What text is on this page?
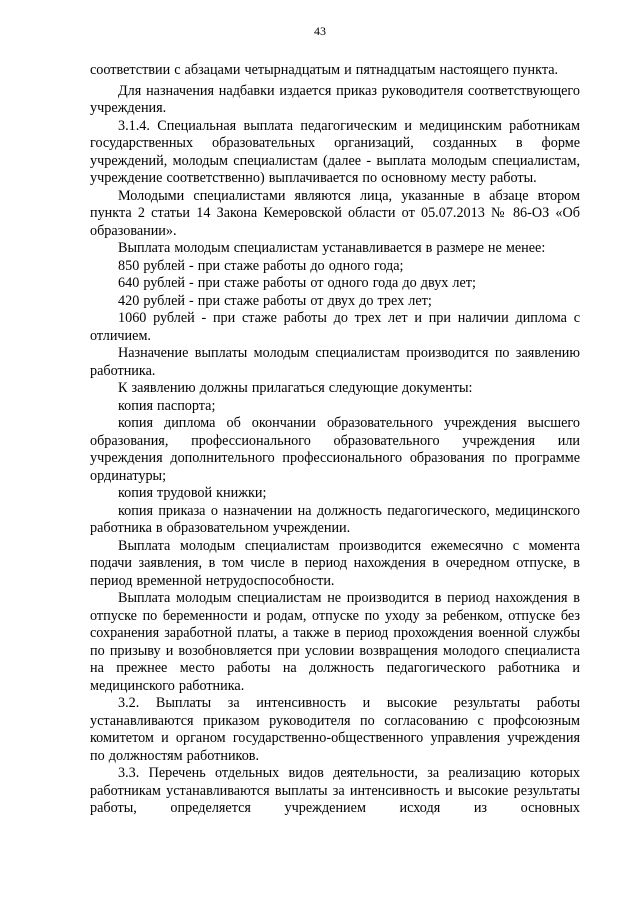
43

соответствии с абзацами четырнадцатым и пятнадцатым настоящего пункта.

Для назначения надбавки издается приказ руководителя соответствующего учреждения.

3.1.4. Специальная выплата педагогическим и медицинским работникам государственных образовательных организаций, созданных в форме учреждений, молодым специалистам (далее - выплата молодым специалистам, учреждение соответственно) выплачивается по основному месту работы.

Молодыми специалистами являются лица, указанные в абзаце втором пункта 2 статьи 14 Закона Кемеровской области от 05.07.2013 № 86-ОЗ «Об образовании».

Выплата молодым специалистам устанавливается в размере не менее:

850 рублей - при стаже работы до одного года;

640 рублей - при стаже работы от одного года до двух лет;

420 рублей - при стаже работы от двух до трех лет;

1060 рублей - при стаже работы до трех лет и при наличии диплома с отличием.

Назначение выплаты молодым специалистам производится по заявлению работника.

К заявлению должны прилагаться следующие документы:

копия паспорта;

копия диплома об окончании образовательного учреждения высшего образования, профессионального образовательного учреждения или учреждения дополнительного профессионального образования по программе ординатуры;

копия трудовой книжки;

копия приказа о назначении на должность педагогического, медицинского работника в образовательном учреждении.

Выплата молодым специалистам производится ежемесячно с момента подачи заявления, в том числе в период нахождения в очередном отпуске, в период временной нетрудоспособности.

Выплата молодым специалистам не производится в период нахождения в отпуске по беременности и родам, отпуске по уходу за ребенком, отпуске без сохранения заработной платы, а также в период прохождения военной службы по призыву и возобновляется при условии возвращения молодого специалиста на прежнее место работы на должность педагогического работника и медицинского работника.

3.2. Выплаты за интенсивность и высокие результаты работы устанавливаются приказом руководителя по согласованию с профсоюзным комитетом и органом государственно-общественного управления учреждения по должностям работников.

3.3. Перечень отдельных видов деятельности, за реализацию которых работникам устанавливаются выплаты за интенсивность и высокие результаты работы, определяется учреждением исходя из основных
